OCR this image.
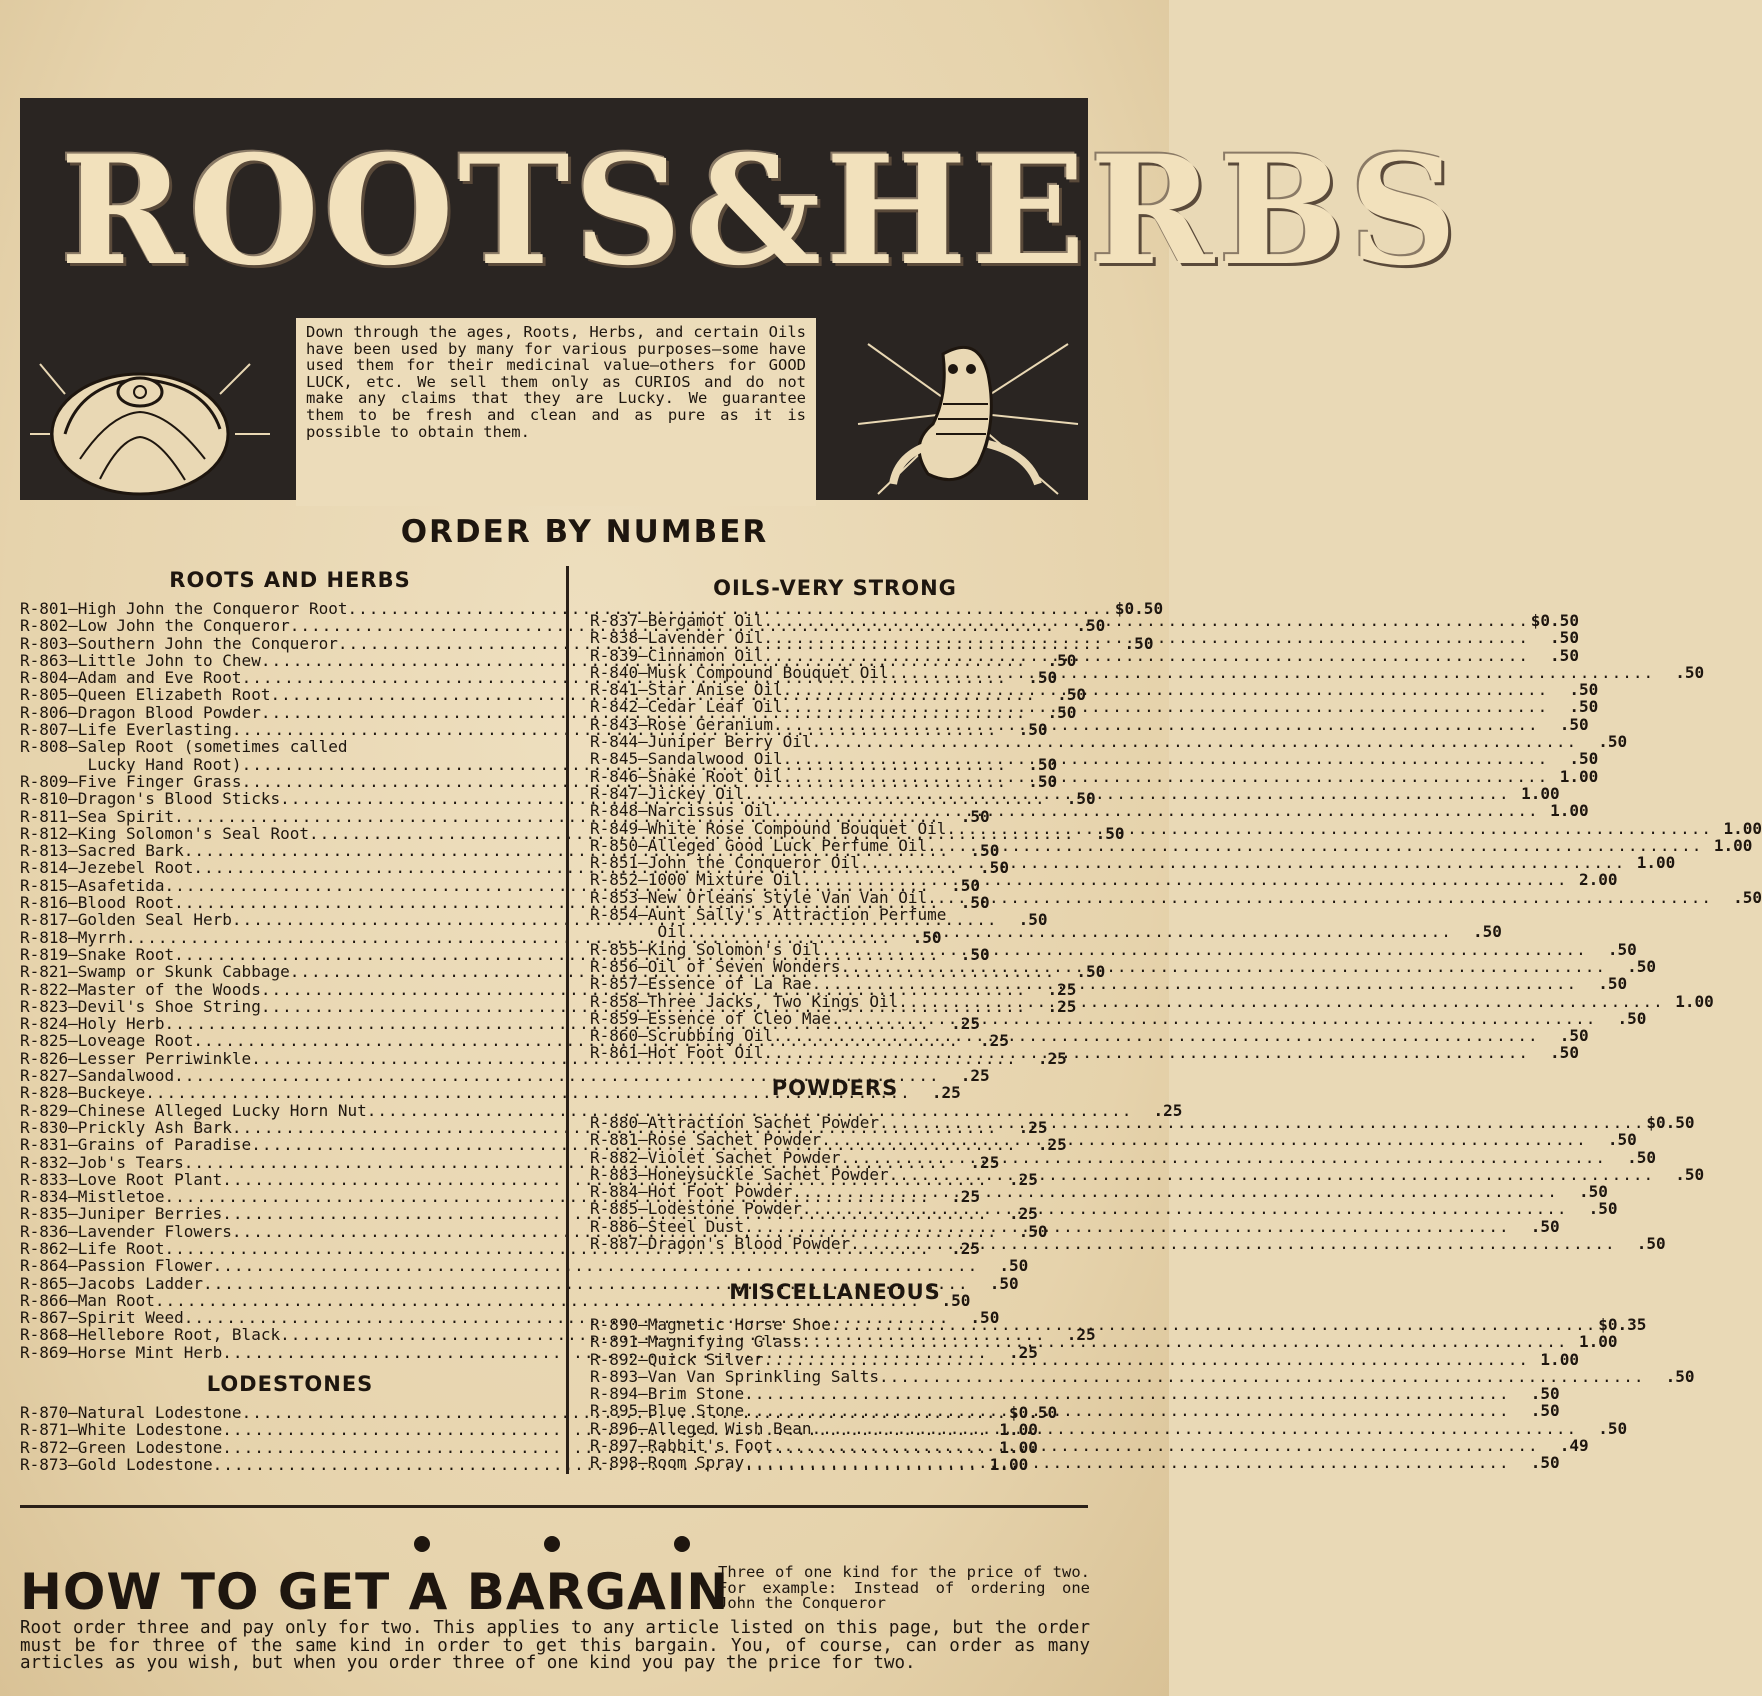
ROOTS&HERBS
Down through the ages, Roots, Herbs, and certain Oils have been used by many for various purposes—some have used them for their medicinal value—others for GOOD LUCK, etc. We sell them only as CURIOS and do not make any claims that they are Lucky. We guarantee them to be fresh and clean and as pure as it is possible to obtain them.
ORDER BY NUMBER
ROOTS AND HERBS
R-801— High John the Conqueror Root .....	$0.50
R-802— Low John the Conqueror .....	.50
R-803— Southern John the Conqueror .....	.50
R-863— Little John to Chew .....	.50
R-804— Adam and Eve Root .....	.50
R-805— Queen Elizabeth Root .....	.50
R-806— Dragon Blood Powder .....	.50
R-807— Life Everlasting .....	.50
R-808— Salep Root (sometimes called

Lucky Hand Root) .....	.50
R-809— Five Finger Grass .....	.50
R-810— Dragon's Blood Sticks .....	.50
R-811— Sea Spirit .....	.50
R-812— King Solomon's Seal Root .....	.50
R-813— Sacred Bark .....	.50
R-814— Jezebel Root .....	.50
R-815— Asafetida .....	.50
R-816— Blood Root .....	.50
R-817— Golden Seal Herb .....	.50
R-818— Myrrh .....	.50
R-819— Snake Root .....	.50
R-821— Swamp or Skunk Cabbage .....	.50
R-822— Master of the Woods .....	.25
R-823— Devil's Shoe String .....	.25
R-824— Holy Herb .....	.25
R-825— Loveage Root .....	.25
R-826— Lesser Perriwinkle .....	.25
R-827— Sandalwood .....	.25
R-828— Buckeye .....	.25
R-829— Chinese Alleged Lucky Horn Nut .....	.25
R-830— Prickly Ash Bark .....	.25
R-831— Grains of Paradise .....	.25
R-832— Job's Tears .....	.25
R-833— Love Root Plant .....	.25
R-834— Mistletoe .....	.25
R-835— Juniper Berries .....	.25
R-836— Lavender Flowers .....	.50
R-862— Life Root .....	.25
R-864— Passion Flower .....	.50
R-865— Jacobs Ladder .....	.50
R-866— Man Root .....	.50
R-867— Spirit Weed .....	.50
R-868— Hellebore Root, Black .....	.25
R-869— Horse Mint Herb .....	.25
LODESTONES
R-870— Natural Lodestone .....	$0.50
R-871— White Lodestone .....	1.00
R-872— Green Lodestone .....	1.00
R-873— Gold Lodestone .....	1.00
OILS-VERY STRONG
R-837— Bergamot Oil .....	$0.50
R-838— Lavender Oil .....	.50
R-839— Cinnamon Oil .....	.50
R-840— Musk Compound Bouquet Oil .....	.50
R-841— Star Anise Oil .....	.50
R-842— Cedar Leaf Oil .....	.50
R-843— Rose Geranium .....	.50
R-844— Juniper Berry Oil .....	.50
R-845— Sandalwood Oil .....	.50
R-846— Snake Root Oil .....	1.00
R-847— Jickey Oil .....	1.00
R-848— Narcissus Oil .....	1.00
R-849— White Rose Compound Bouquet Oil .....	1.00
R-850— Alleged Good Luck Perfume Oil. .....	1.00
R-851— John the Conqueror Oil .....	1.00
R-852— 1000 Mixture Oil .....	2.00
R-853— New Orleans Style Van Van Oil.. .....	.50
R-854— Aunt Sally's Attraction Perfume

Oil .....	.50
R-855— King Solomon's Oil .....	.50
R-856— Oil of Seven Wonders .....	.50
R-857— Essence of La Rae .....	.50
R-858— Three Jacks, Two Kings Oil .....	1.00
R-859— Essence of Cleo Mae .....	.50
R-860— Scrubbing Oil .....	.50
R-861— Hot Foot Oil .....	.50
POWDERS
R-880— Attraction Sachet Powder .....	$0.50
R-881— Rose Sachet Powder .....	.50
R-882— Violet Sachet Powder .....	.50
R-883— Honeysuckle Sachet Powder .....	.50
R-884— Hot Foot Powder .....	.50
R-885— Lodestone Powder .....	.50
R-886— Steel Dust .....	.50
R-887— Dragon's Blood Powder .....	.50
MISCELLANEOUS
R-890— Magnetic Horse Shoe .....	$0.35
R-891— Magnifying Glass .....	1.00
R-892— Quick Silver .....	1.00
R-893— Van Van Sprinkling Salts .....	.50
R-894— Brim Stone .....	.50
R-895— Blue Stone .....	.50
R-896— Alleged Wish Bean .....	.50
R-897— Rabbit's Foot .....	.49
R-898— Room Spray .....	.50
HOW TO GET A BARGAIN
Three of one kind for the price of two. For example: Instead of ordering one John the Conqueror
Root order three and pay only for two. This applies to any article listed on this page, but the order must be for three of the same kind in order to get this bargain. You, of course, can order as many articles as you wish, but when you order three of one kind you pay the price for two.
